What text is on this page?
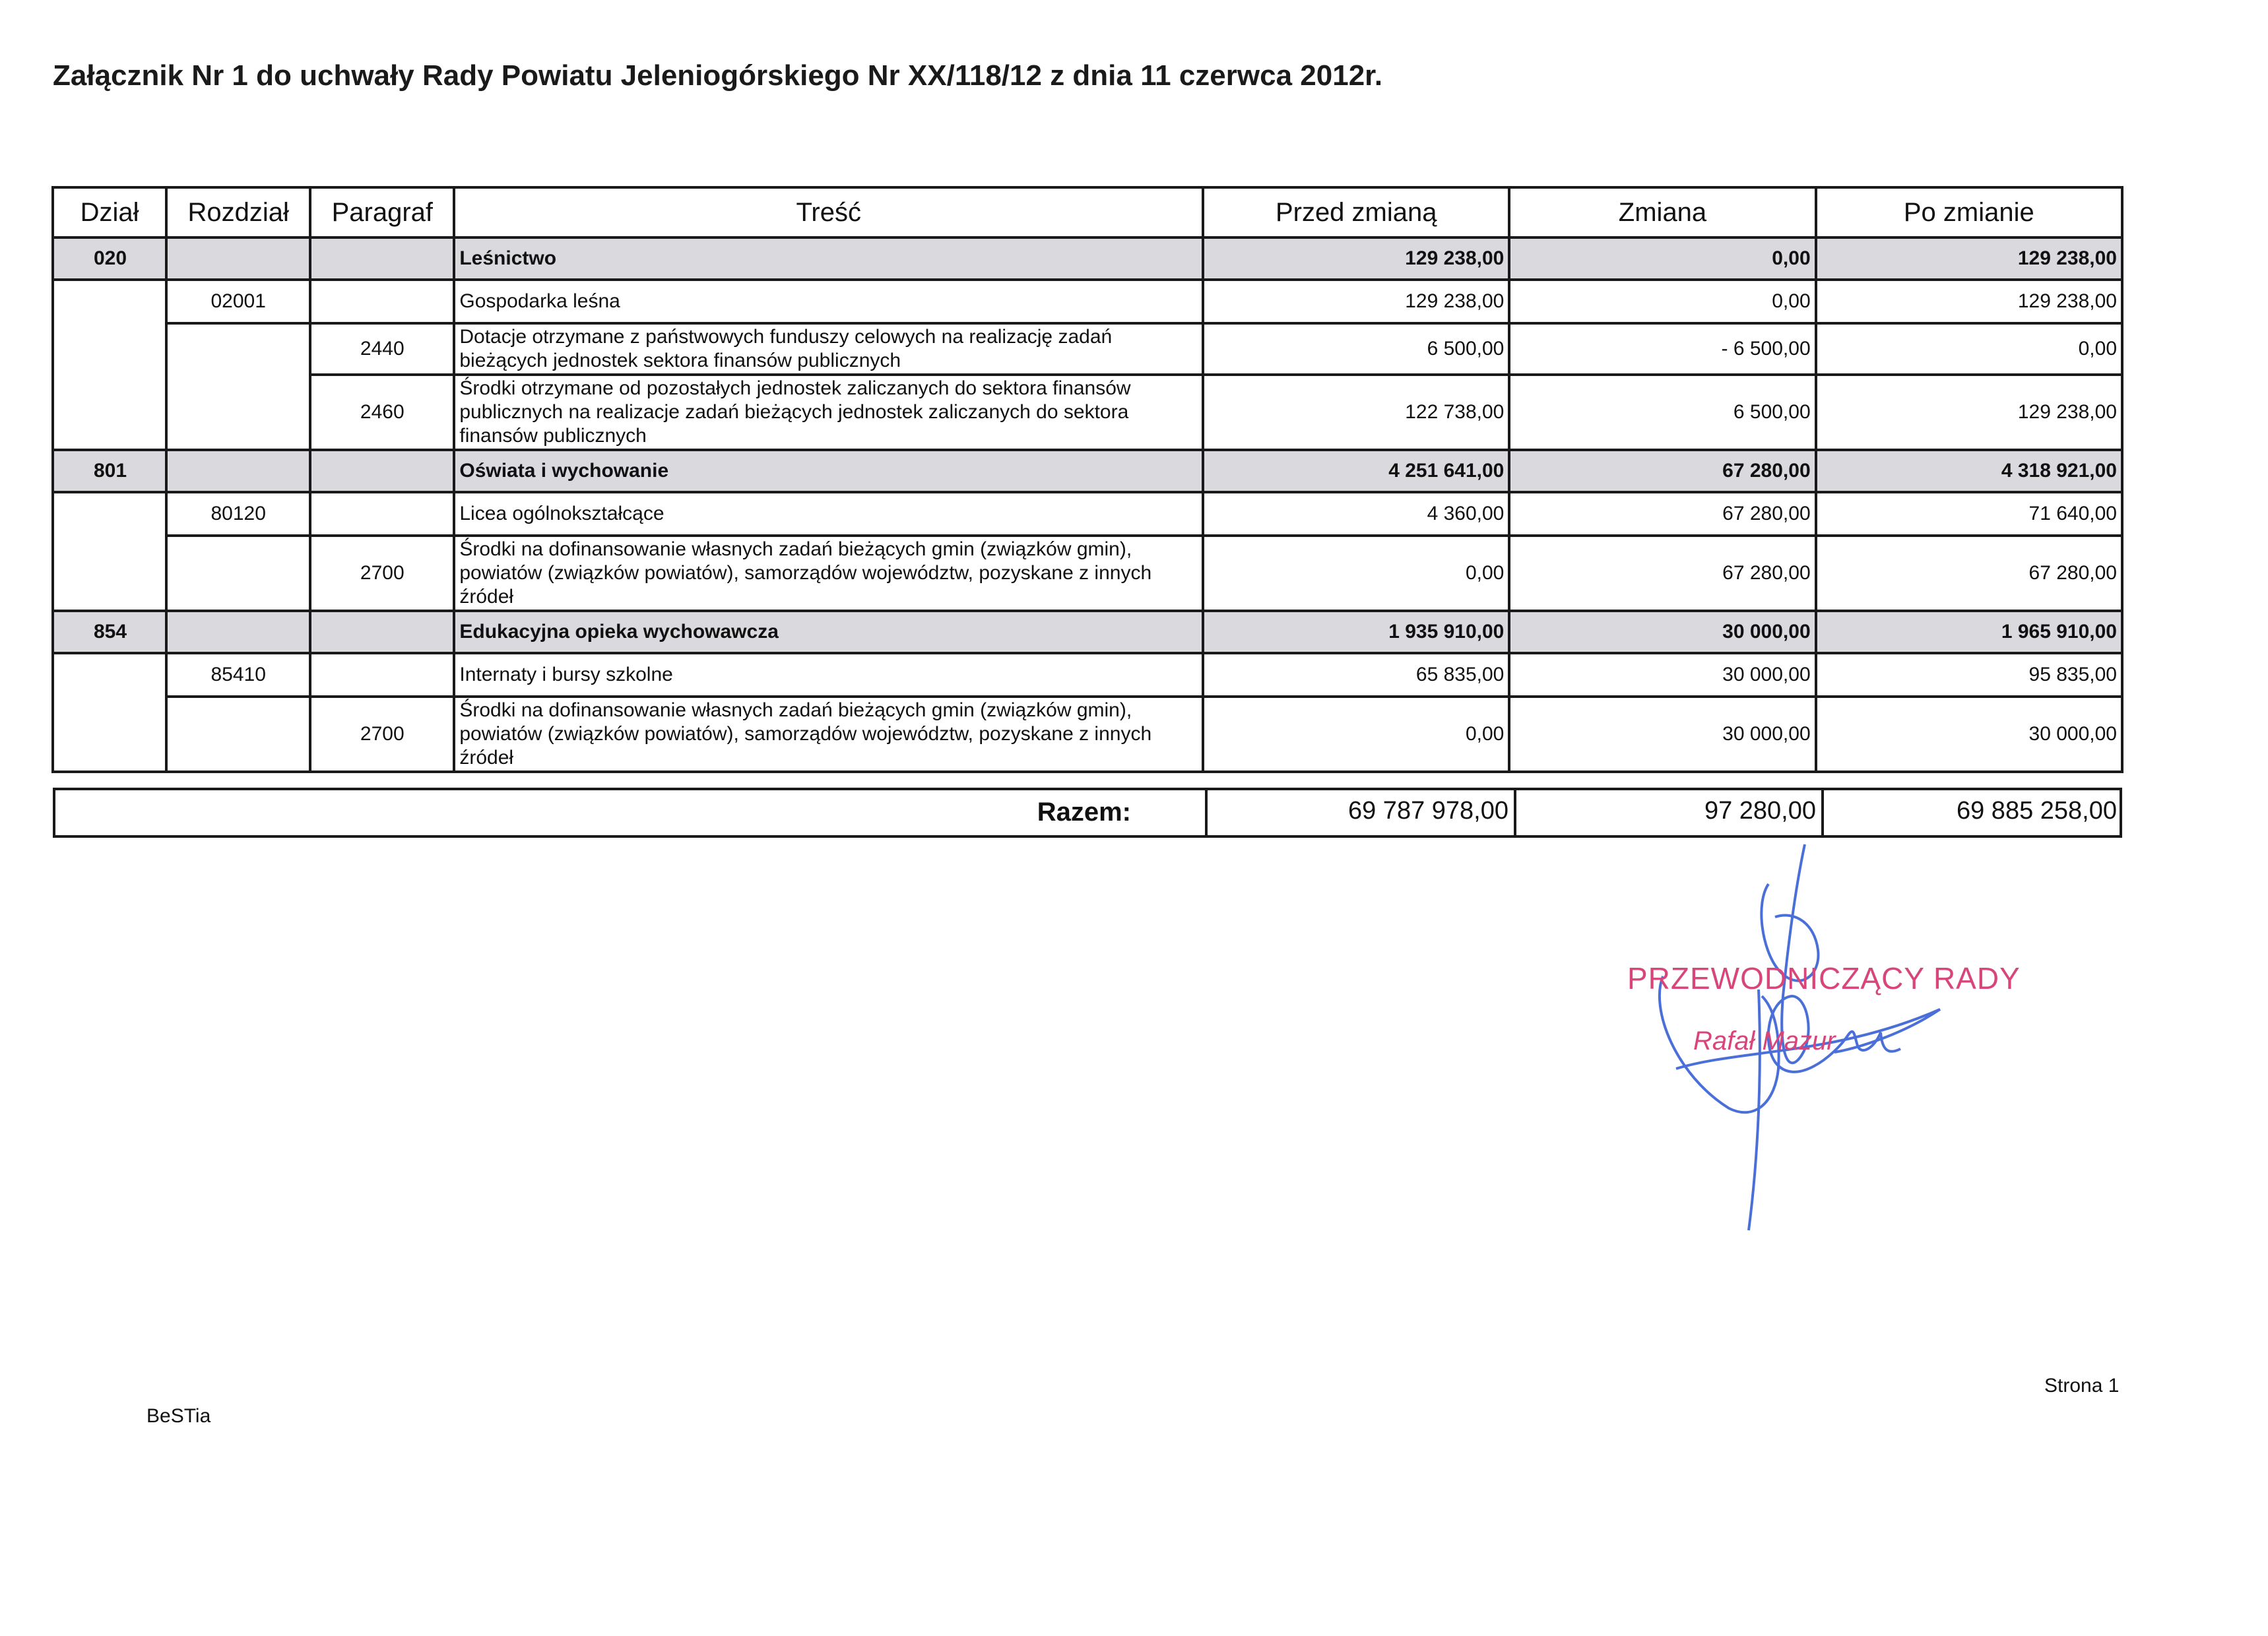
Załącznik Nr 1 do uchwały Rady Powiatu Jeleniogórskiego Nr XX/118/12 z dnia 11 czerwca 2012r.
Dział	Rozdział	Paragraf	Treść	Przed zmianą	Zmiana	Po zmianie
020			Leśnictwo	129 238,00	0,00	129 238,00
	02001		Gospodarka leśna	129 238,00	0,00	129 238,00
		2440	Dotacje otrzymane z państwowych funduszy celowych na realizację zadań bieżących jednostek sektora finansów publicznych	6 500,00	- 6 500,00	0,00
		2460	Środki otrzymane od pozostałych jednostek zaliczanych do sektora finansów publicznych na realizacje zadań bieżących jednostek zaliczanych do sektora finansów publicznych	122 738,00	6 500,00	129 238,00
801			Oświata i wychowanie	4 251 641,00	67 280,00	4 318 921,00
	80120		Licea ogólnokształcące	4 360,00	67 280,00	71 640,00
		2700	Środki na dofinansowanie własnych zadań bieżących gmin (związków gmin), powiatów (związków powiatów), samorządów województw, pozyskane z innych źródeł	0,00	67 280,00	67 280,00
854			Edukacyjna opieka wychowawcza	1 935 910,00	30 000,00	1 965 910,00
	85410		Internaty i bursy szkolne	65 835,00	30 000,00	95 835,00
		2700	Środki na dofinansowanie własnych zadań bieżących gmin (związków gmin), powiatów (związków powiatów), samorządów województw, pozyskane z innych źródeł	0,00	30 000,00	30 000,00
Razem:	69 787 978,00	97 280,00	69 885 258,00
PRZEWODNICZĄCY RADY
Rafał Mazur
BeSTia
Strona 1
